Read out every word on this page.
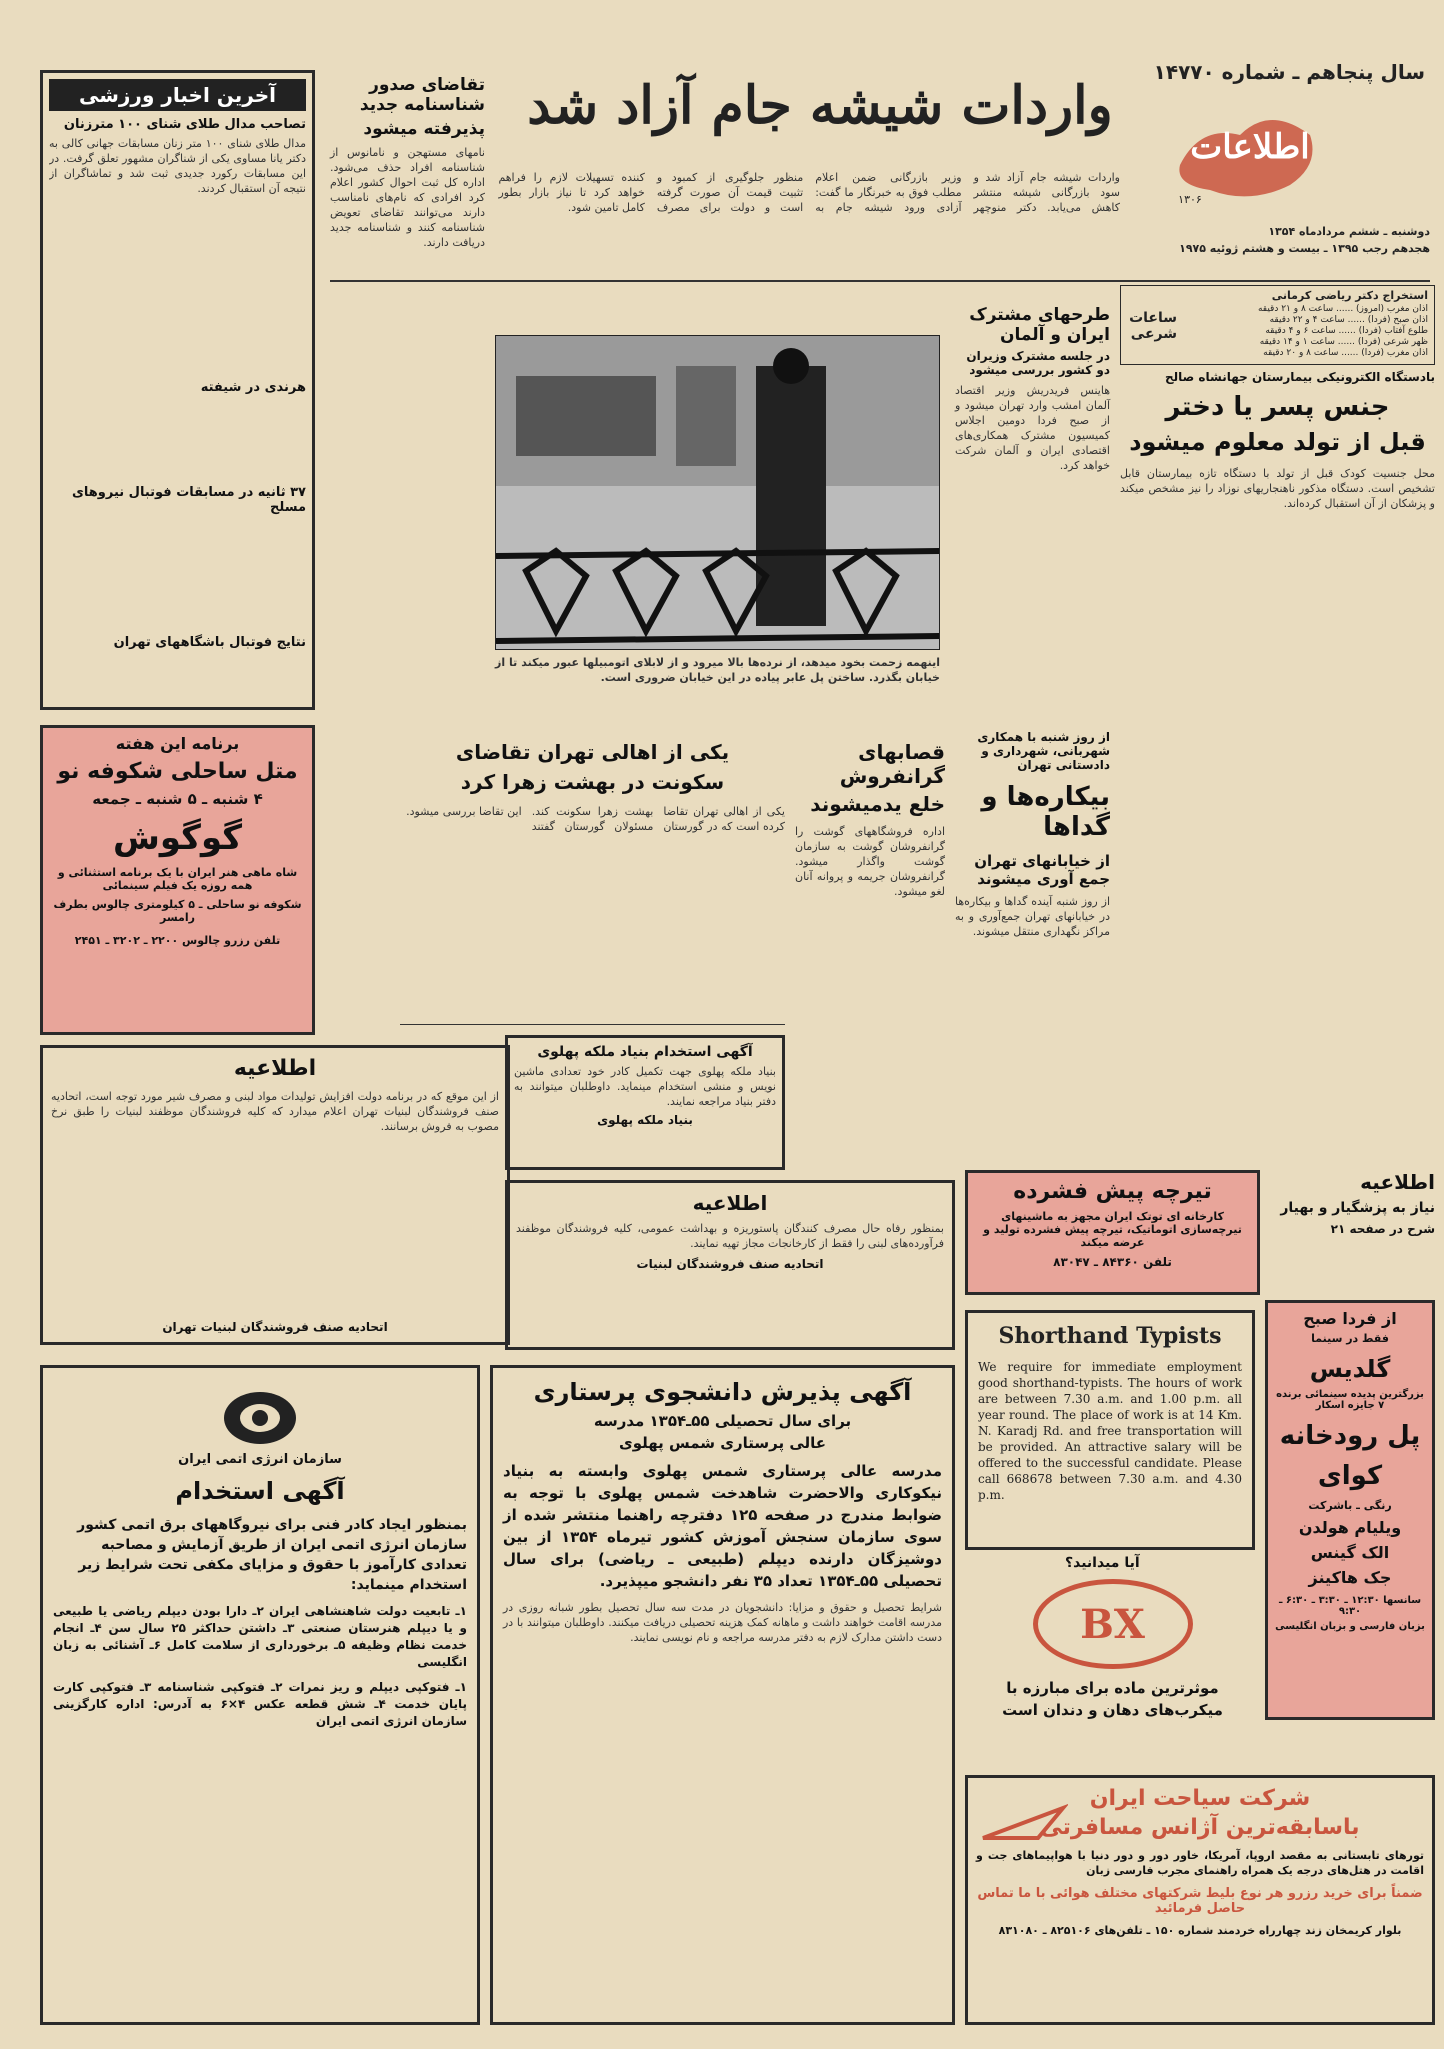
سال پنجاهم ـ شماره ۱۴۷۷۰
اطلاعات
۱۳۰۶
دوشنبه ـ ششم مردادماه ۱۳۵۴
هجدهم رجب ۱۳۹۵ ـ بیست و هشتم ژوئیه ۱۹۷۵
واردات شیشه جام آزاد شد
واردات شیشه جام آزاد شد و سود بازرگانی شیشه منتشر کاهش می‌یابد. دکتر منوچهر وزیر بازرگانی ضمن اعلام مطلب فوق به خبرنگار ما گفت: آزادی ورود شیشه جام به منظور جلوگیری از کمبود و تثبیت قیمت آن صورت گرفته است و دولت برای مصرف کننده تسهیلات لازم را فراهم خواهد کرد تا نیاز بازار بطور کامل تامین شود.
استخراج دکتر ریاضی کرمانی
ساعات شرعی
اذان مغرب (امروز) ...... ساعت ۸ و ۲۱ دقیقه
اذان صبح (فردا) ...... ساعت ۴ و ۲۲ دقیقه
طلوع آفتاب (فردا) ...... ساعت ۶ و ۴ دقیقه
ظهر شرعی (فردا) ...... ساعت ۱ و ۱۴ دقیقه
اذان مغرب (فردا) ...... ساعت ۸ و ۲۰ دقیقه
آخرین اخبار ورزشی
تصاحب مدال طلای شنای ۱۰۰ مترزنان
مدال طلای شنای ۱۰۰ متر زنان مسابقات جهانی کالی به دکتر یانا مساوی یکی از شناگران مشهور تعلق گرفت. در این مسابقات رکورد جدیدی ثبت شد و تماشاگران از نتیجه آن استقبال کردند.
هرندی در شیفته
۳۷ ثانیه در مسابقات فوتبال نیروهای مسلح
نتایج فوتبال باشگاههای تهران
تقاضای صدور شناسنامه جدید
پذیرفته میشود
نامهای مستهجن و نامانوس از شناسنامه افراد حذف می‌شود. اداره کل ثبت احوال کشور اعلام کرد افرادی که نام‌های نامناسب دارند می‌توانند تقاضای تعویض شناسنامه کنند و شناسنامه جدید دریافت دارند.
اینهمه زحمت بخود میدهد، از نرده‌ها بالا میرود و از لابلای اتومبیلها عبور میکند تا از خیابان بگذرد. ساختن پل عابر پیاده در این خیابان ضروری است.
طرحهای مشترک ایران و آلمان
در جلسه مشترک وزیران دو کشور بررسی میشود
هاینس فریدریش وزیر اقتصاد آلمان امشب وارد تهران میشود و از صبح فردا دومین اجلاس کمیسیون مشترک همکاری‌های اقتصادی ایران و آلمان شرکت خواهد کرد.
بادستگاه الکترونیکی بیمارستان جهانشاه صالح
جنس پسر یا دختر
قبل از تولد معلوم میشود
محل جنسیت کودک قبل از تولد با دستگاه تازه بیمارستان قابل تشخیص است. دستگاه مذکور ناهنجاریهای نوزاد را نیز مشخص میکند و پزشکان از آن استقبال کرده‌اند.
از روز شنبه با همکاری شهربانی، شهرداری و دادستانی تهران
بیکاره‌ها و گداها
از خیابانهای تهران جمع آوری میشوند
از روز شنبه آینده گداها و بیکاره‌ها در خیابانهای تهران جمع‌آوری و به مراکز نگهداری منتقل میشوند.
قصابهای گرانفروش
خلع یدمیشوند
اداره فروشگاههای گوشت را گرانفروشان گوشت به سازمان گوشت واگذار میشود. گرانفروشان جریمه و پروانه آنان لغو میشود.
یکی از اهالی تهران تقاضای
سکونت در بهشت زهرا کرد
یکی از اهالی تهران تقاضا کرده است که در گورستان بهشت زهرا سکونت کند. مسئولان گورستان گفتند این تقاضا بررسی میشود.
برنامه این هفته
متل ساحلی شکوفه نو
۴ شنبه ـ ۵ شنبه ـ جمعه
گوگوش
شاه ماهی هنر ایران با یک برنامه استثنائی و همه روزه یک فیلم سینمائی
شکوفه نو ساحلی ـ ۵ کیلومتری چالوس بطرف رامسر
تلفن رزرو چالوس ۲۲۰۰ ـ ۳۲۰۲ ـ ۲۴۵۱
اطلاعیه
از این موقع که در برنامه دولت افزایش تولیدات مواد لبنی و مصرف شیر مورد توجه است، اتحادیه صنف فروشندگان لبنیات تهران اعلام میدارد که کلیه فروشندگان موظفند لبنیات را طبق نرخ مصوب به فروش برسانند.
اتحادیه صنف فروشندگان لبنیات تهران
آگهی استخدام بنیاد ملکه پهلوی
بنیاد ملکه پهلوی جهت تکمیل کادر خود تعدادی ماشین نویس و منشی استخدام مینماید. داوطلبان میتوانند به دفتر بنیاد مراجعه نمایند.
بنیاد ملکه پهلوی
اطلاعیه
بمنظور رفاه حال مصرف کنندگان پاستوریزه و بهداشت عمومی، کلیه فروشندگان موظفند فرآورده‌های لبنی را فقط از کارخانجات مجاز تهیه نمایند.
اتحادیه صنف فروشندگان لبنیات
تیرچه پیش فشرده
کارخانه ای توتک ایران مجهز به ماشینهای تیرچه‌سازی اتوماتیک، تیرچه پیش فشرده تولید و عرضه میکند
تلفن ۸۴۳۶۰ ـ ۸۳۰۴۷
اطلاعیه
نیاز به پزشگیار و بهیار
شرح در صفحه ۲۱
از فردا صبح
فقط در سینما
گلدیس
بزرگترین پدیده سینمائی برنده ۷ جایزه اسکار
پل رودخانه
کوای
رنگی ـ باشرکت
ویلیام هولدن
الک گینس
جک هاکینز
سانسها ۱۲:۳۰ ـ ۳:۳۰ ـ ۶:۳۰ ـ ۹:۳۰
بزبان فارسی و بزبان انگلیسی
Shorthand Typists
We require for immediate employment good shorthand-typists. The hours of work are between 7.30 a.m. and 1.00 p.m. all year round. The place of work is at 14 Km. N. Karadj Rd. and free transportation will be provided. An attractive salary will be offered to the successful candidate. Please call 668678 between 7.30 a.m. and 4.30 p.m.
آیا میدانید؟
BX
موثرترین ماده برای مبارزه با
میکرب‌های دهان و دندان است
سازمان انرژی اتمی ایران
آگهی استخدام
بمنظور ایجاد کادر فنی برای نیروگاههای برق اتمی کشور سازمان انرژی اتمی ایران از طریق آزمایش و مصاحبه تعدادی کارآموز با حقوق و مزایای مکفی تحت شرایط زیر استخدام مینماید:
۱ـ تابعیت دولت شاهنشاهی ایران ۲ـ دارا بودن دیپلم ریاضی یا طبیعی و یا دیپلم هنرستان صنعتی ۳ـ داشتن حداکثر ۲۵ سال سن ۴ـ انجام خدمت نظام وظیفه ۵ـ برخورداری از سلامت کامل ۶ـ آشنائی به زبان انگلیسی
۱ـ فتوکپی دیپلم و ریز نمرات ۲ـ فتوکپی شناسنامه ۳ـ فتوکپی کارت پایان خدمت ۴ـ شش قطعه عکس ۴×۶ به آدرس: اداره کارگزینی سازمان انرژی اتمی ایران
آگهی پذیرش دانشجوی پرستاری
برای سال تحصیلی ۵۵ـ۱۳۵۴ مدرسه
عالی پرستاری شمس پهلوی
مدرسه عالی پرستاری شمس پهلوی وابسته به بنیاد نیکوکاری والاحضرت شاهدخت شمس پهلوی با توجه به ضوابط مندرج در صفحه ۱۲۵ دفترچه راهنما منتشر شده از سوی سازمان سنجش آموزش کشور تیرماه ۱۳۵۴ از بین دوشیزگان دارنده دیپلم (طبیعی ـ ریاضی) برای سال تحصیلی ۵۵ـ۱۳۵۴ تعداد ۳۵ نفر دانشجو میپذیرد.
شرایط تحصیل و حقوق و مزایا: دانشجویان در مدت سه سال تحصیل بطور شبانه روزی در مدرسه اقامت خواهند داشت و ماهانه کمک هزینه تحصیلی دریافت میکنند. داوطلبان میتوانند با در دست داشتن مدارک لازم به دفتر مدرسه مراجعه و نام نویسی نمایند.
شرکت سیاحت ایران
باسابقه‌ترین آژانس مسافرتی
تورهای تابستانی به مقصد اروپا، آمریکا، خاور دور و دور دنیا با هواپیماهای جت و اقامت در هتل‌های درجه یک همراه راهنمای مجرب فارسی زبان
ضمناً برای خرید رزرو هر نوع بلیط شرکتهای مختلف هوائی با ما تماس حاصل فرمائید
بلوار کریمخان زند چهارراه خردمند شماره ۱۵۰ ـ تلفن‌های ۸۲۵۱۰۶ ـ ۸۳۱۰۸۰
